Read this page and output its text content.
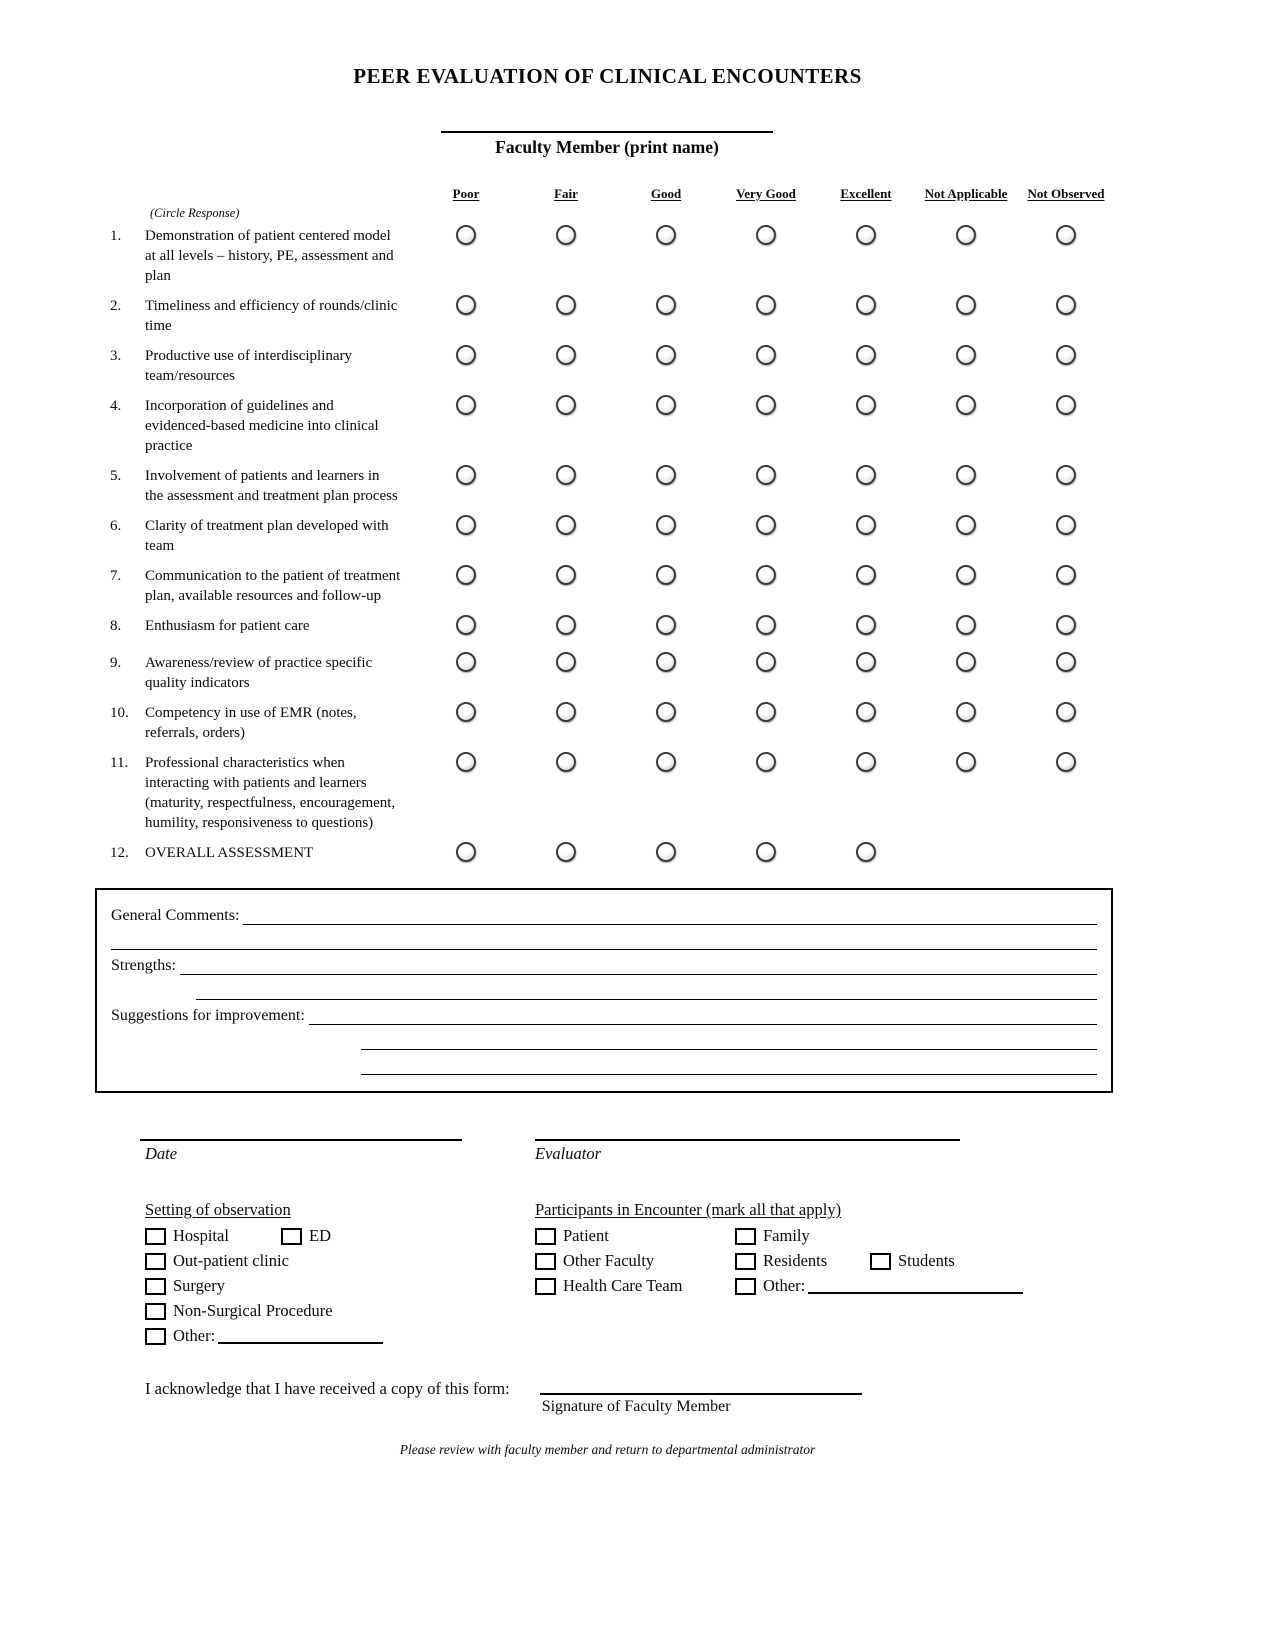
PEER EVALUATION OF CLINICAL ENCOUNTERS
Faculty Member (print name)
Poor	Fair	Good	Very Good	Excellent	Not Applicable	Not Observed
(Circle Response)
1.	Demonstration of patient centered model at all levels – history, PE, assessment and plan
2.	Timeliness and efficiency of rounds/clinic time
3.	Productive use of interdisciplinary team/resources
4.	Incorporation of guidelines and evidenced-based medicine into clinical practice
5.	Involvement of patients and learners in the assessment and treatment plan process
6.	Clarity of treatment plan developed with team
7.	Communication to the patient of treatment plan, available resources and follow-up
8.	Enthusiasm for patient care
9.	Awareness/review of practice specific quality indicators
10.	Competency in use of EMR (notes, referrals, orders)
11.	Professional characteristics when interacting with patients and learners (maturity, respectfulness, encouragement, humility, responsiveness to questions)
12.	OVERALL ASSESSMENT
General Comments:
Strengths:
Suggestions for improvement:
Date	Evaluator
Setting of observation
Hospital	ED
Out-patient clinic
Surgery
Non-Surgical Procedure
Other:
Participants in Encounter (mark all that apply)
Patient	Family
Other Faculty	Residents	Students
Health Care Team	Other:
I acknowledge that I have received a copy of this form:
Signature of Faculty Member
Please review with faculty member and return to departmental administrator
